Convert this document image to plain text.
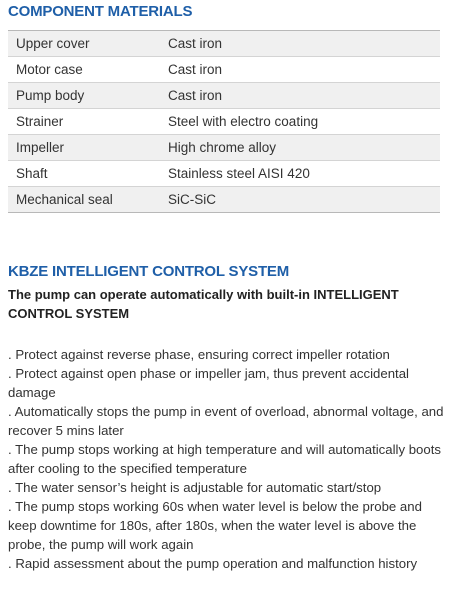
COMPONENT MATERIALS
Upper cover	Cast iron
Motor case	Cast iron
Pump body	Cast iron
Strainer	Steel with electro coating
Impeller	High chrome alloy
Shaft	Stainless steel AISI 420
Mechanical seal	SiC-SiC
KBZE INTELLIGENT CONTROL SYSTEM
The pump can operate automatically with built-in INTELLIGENT CONTROL SYSTEM

. Protect against reverse phase, ensuring correct impeller rotation

. Protect against open phase or impeller jam, thus prevent accidental damage

. Automatically stops the pump in event of overload, abnormal voltage, and recover 5 mins later

. The pump stops working at high temperature and will automatically boots after cooling to the specified temperature

. The water sensor’s height is adjustable for automatic start/stop

. The pump stops working 60s when water level is below the probe and keep downtime for 180s, after 180s, when the water level is above the probe, the pump will work again

. Rapid assessment about the pump operation and malfunction history
